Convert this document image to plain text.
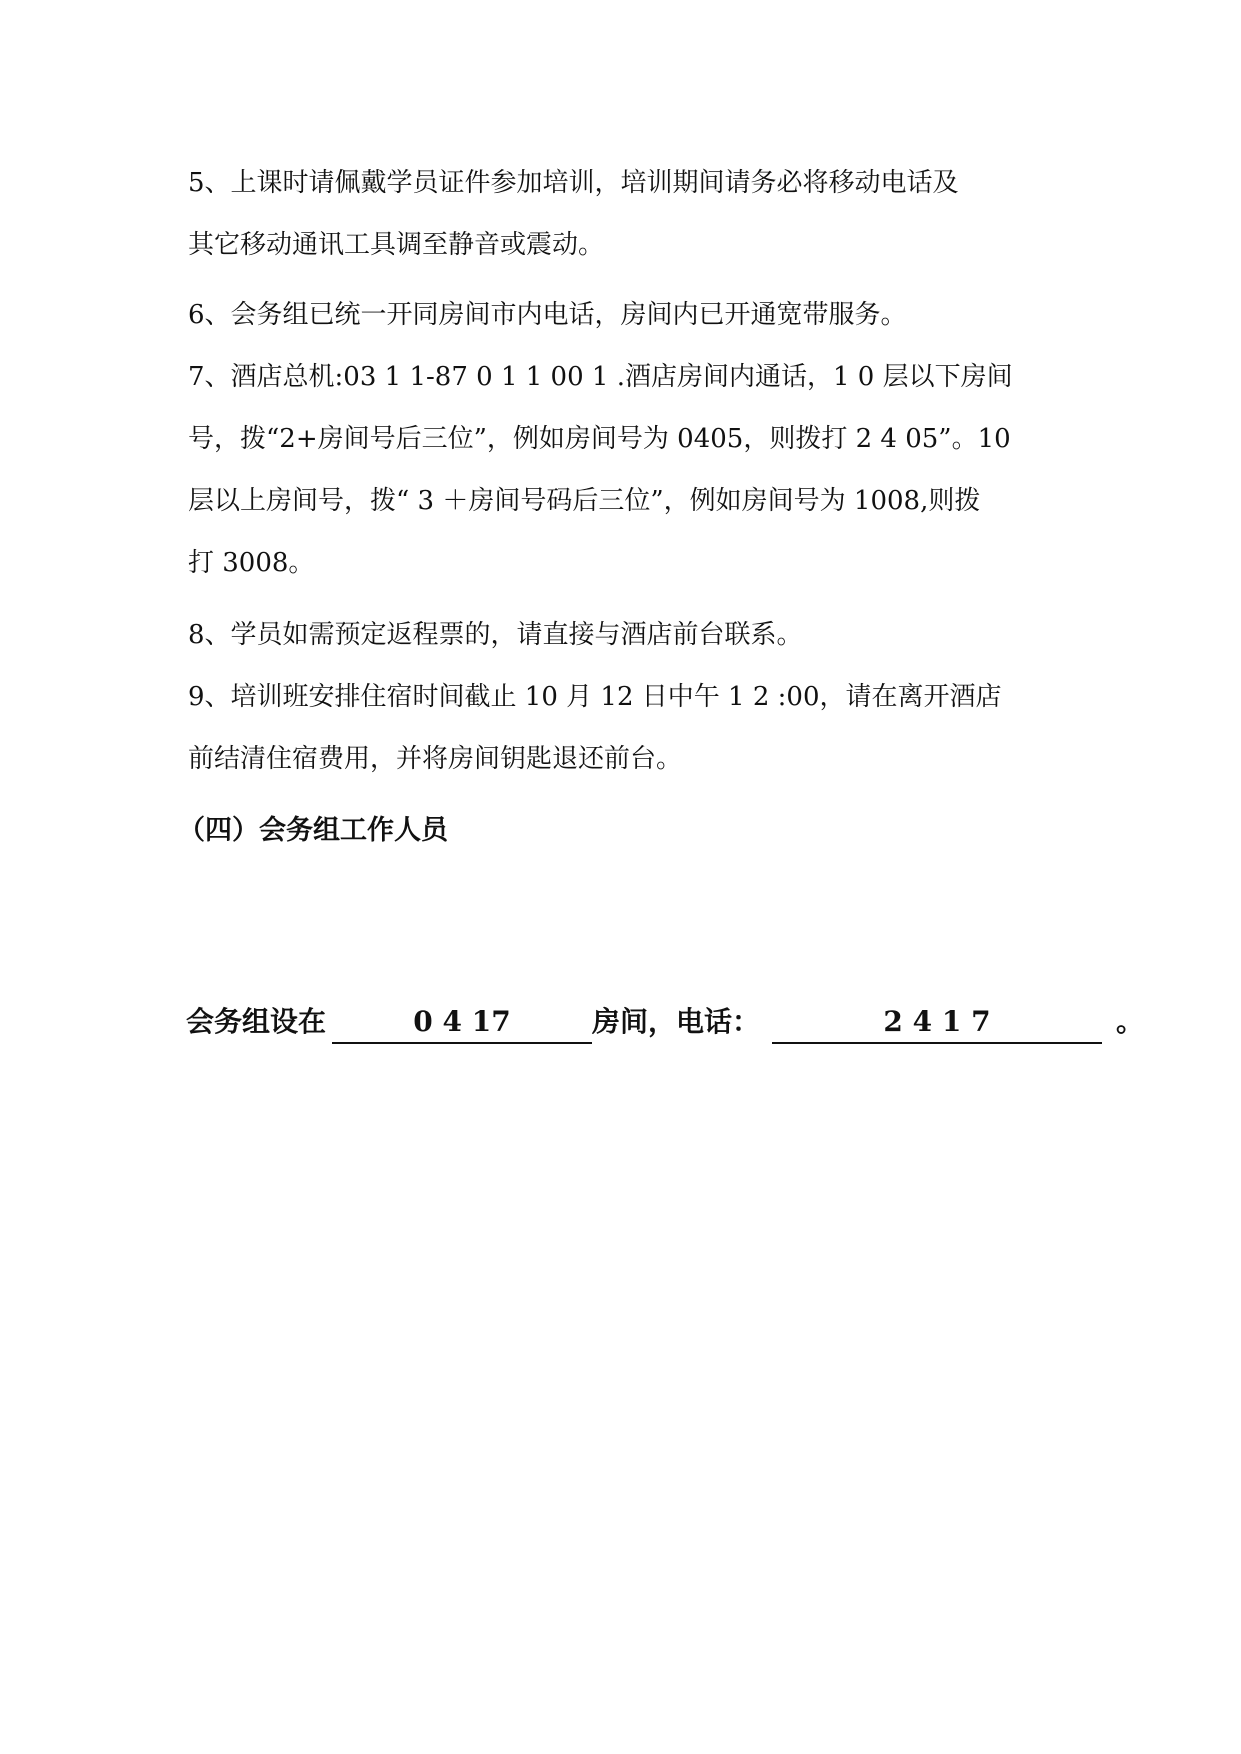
5、上课时请佩戴学员证件参加培训，培训期间请务必将移动电话及
其它移动通讯工具调至静音或震动。
6、会务组已统一开同房间市内电话，房间内已开通宽带服务。
7、酒店总机:03 1 1-87 0 1 1 00 1 .酒店房间内通话，1 0 层以下房间
号，拨“2+房间号后三位”，例如房间号为 0405，则拨打 2 4 05”。10
层以上房间号，拨“ 3 ＋房间号码后三位”，例如房间号为 1008,则拨
打 3008。
8、学员如需预定返程票的，请直接与酒店前台联系。
9、培训班安排住宿时间截止 10 月 12 日中午 1 2 :00，请在离开酒店
前结清住宿费用，并将房间钥匙退还前台。
（四）会务组工作人员
会务组设在	0 4 17	房间，电话：	2 4 1 7	。
